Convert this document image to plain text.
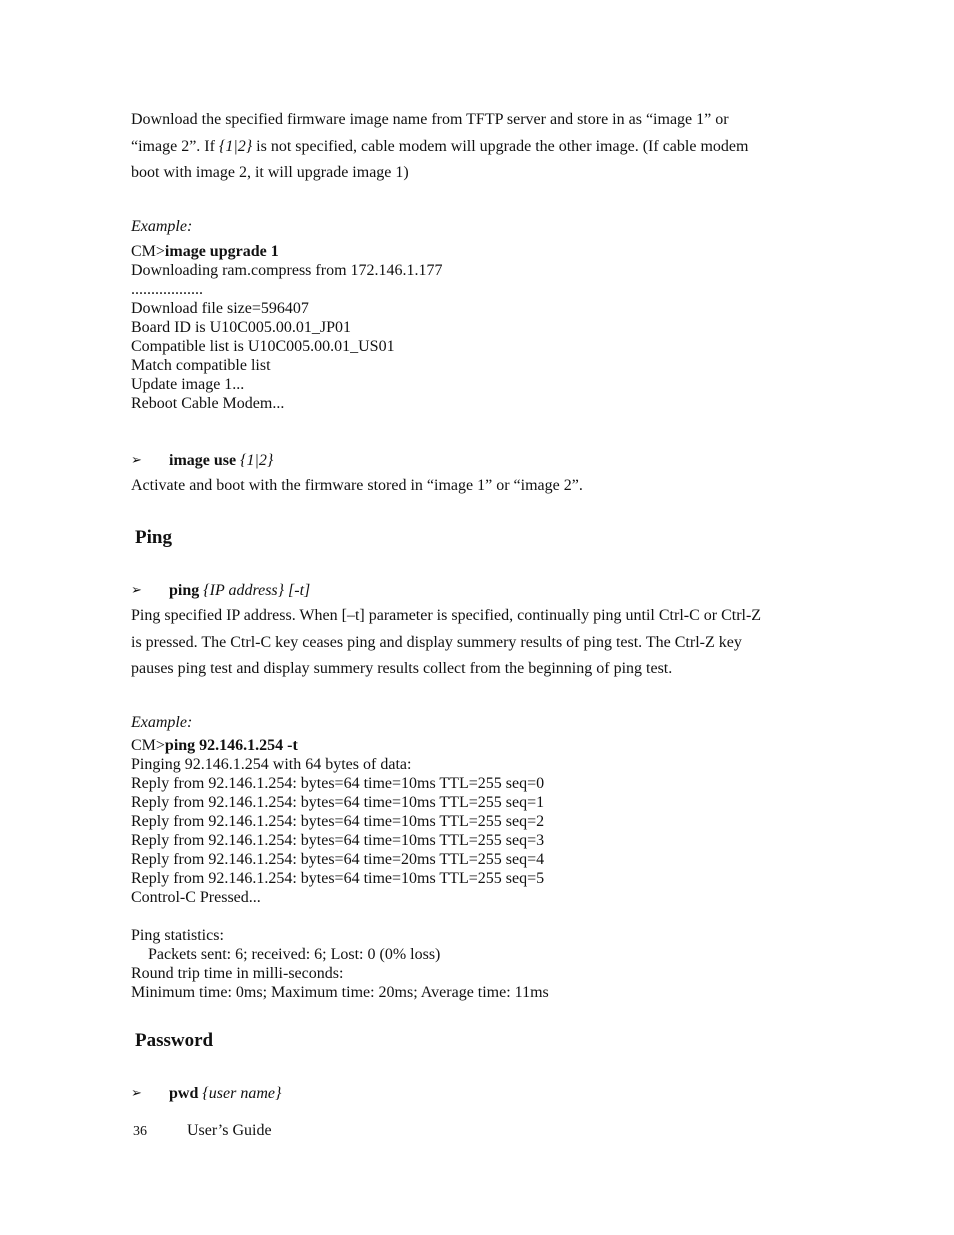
Download the specified firmware image name from TFTP server and store in as “image 1” or
“image 2”. If {1|2} is not specified, cable modem will upgrade the other image. (If cable modem
boot with image 2, it will upgrade image 1)

Example:

CM>image upgrade 1

Downloading ram.compress from 172.146.1.177
..................
Download file size=596407
Board ID is U10C005.00.01_JP01
Compatible list is U10C005.00.01_US01
Match compatible list
Update image 1...
Reboot Cable Modem...

➢ image use {1|2}

Activate and boot with the firmware stored in “image 1” or “image 2”.

Ping

➢ ping {IP address} [-t]

Ping specified IP address. When [–t] parameter is specified, continually ping until Ctrl-C or Ctrl-Z
is pressed. The Ctrl-C key ceases ping and display summery results of ping test. The Ctrl-Z key
pauses ping test and display summery results collect from the beginning of ping test.

Example:

CM>ping 92.146.1.254 -t

Pinging 92.146.1.254 with 64 bytes of data:
Reply from 92.146.1.254: bytes=64 time=10ms TTL=255 seq=0
Reply from 92.146.1.254: bytes=64 time=10ms TTL=255 seq=1
Reply from 92.146.1.254: bytes=64 time=10ms TTL=255 seq=2
Reply from 92.146.1.254: bytes=64 time=10ms TTL=255 seq=3
Reply from 92.146.1.254: bytes=64 time=20ms TTL=255 seq=4
Reply from 92.146.1.254: bytes=64 time=10ms TTL=255 seq=5
Control-C Pressed...
Ping statistics:
Packets sent: 6; received: 6; Lost: 0 (0% loss)
Round trip time in milli-seconds:
Minimum time: 0ms; Maximum time: 20ms; Average time: 11ms

Password

➢ pwd {user name}

36	User’s Guide
